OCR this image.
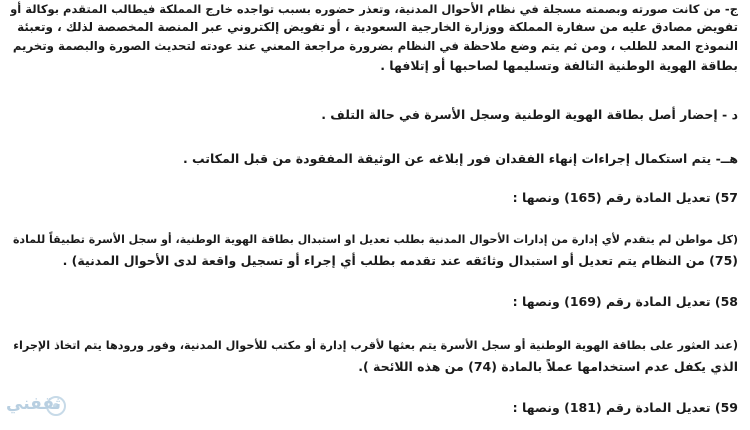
ج- من كانت صورته وبصمته مسجلة في نظام الأحوال المدنية، وتعذر حضوره بسبب تواجده خارج المملكة فيطالب المتقدم بوكالة أو
تفويض مصادق عليه من سفارة المملكة ووزارة الخارجية السعودية ، أو تفويض إلكتروني عبر المنصة المخصصة لذلك ، وتعبئة
النموذج المعد للطلب ، ومن ثم يتم وضع ملاحظة في النظام بضرورة مراجعة المعني عند عودته لتحديث الصورة والبصمة وتخريم
بطاقة الهوية الوطنية التالفة وتسليمها لصاحبها أو إتلافها .
د - إحضار أصل بطاقة الهوية الوطنية وسجل الأسرة في حالة التلف .
هــ- يتم استكمال إجراءات إنهاء الفقدان فور إبلاغه عن الوثيقة المفقودة من قبل المكاتب .
57) تعديل المادة رقم (165) ونصها :
(كل مواطن لم يتقدم لأي إدارة من إدارات الأحوال المدنية بطلب تعديل او استبدال بطاقة الهوية الوطنية، أو سجل الأسرة تطبيقاً للمادة
(75) من النظام يتم تعديل أو استبدال وثائقه عند تقدمه بطلب أي إجراء أو تسجيل واقعة لدى الأحوال المدنية) .
58) تعديل المادة رقم (169) ونصها :
(عند العثور على بطاقة الهوية الوطنية أو سجل الأسرة يتم بعثها لأقرب إدارة أو مكتب للأحوال المدنية، وفور ورودها يتم اتخاذ الإجراء
الذي يكفل عدم استخدامها عملاً بالمادة (74) من هذه اللائحة ).
59) تعديل المادة رقم (181) ونصها :
ثقفني
